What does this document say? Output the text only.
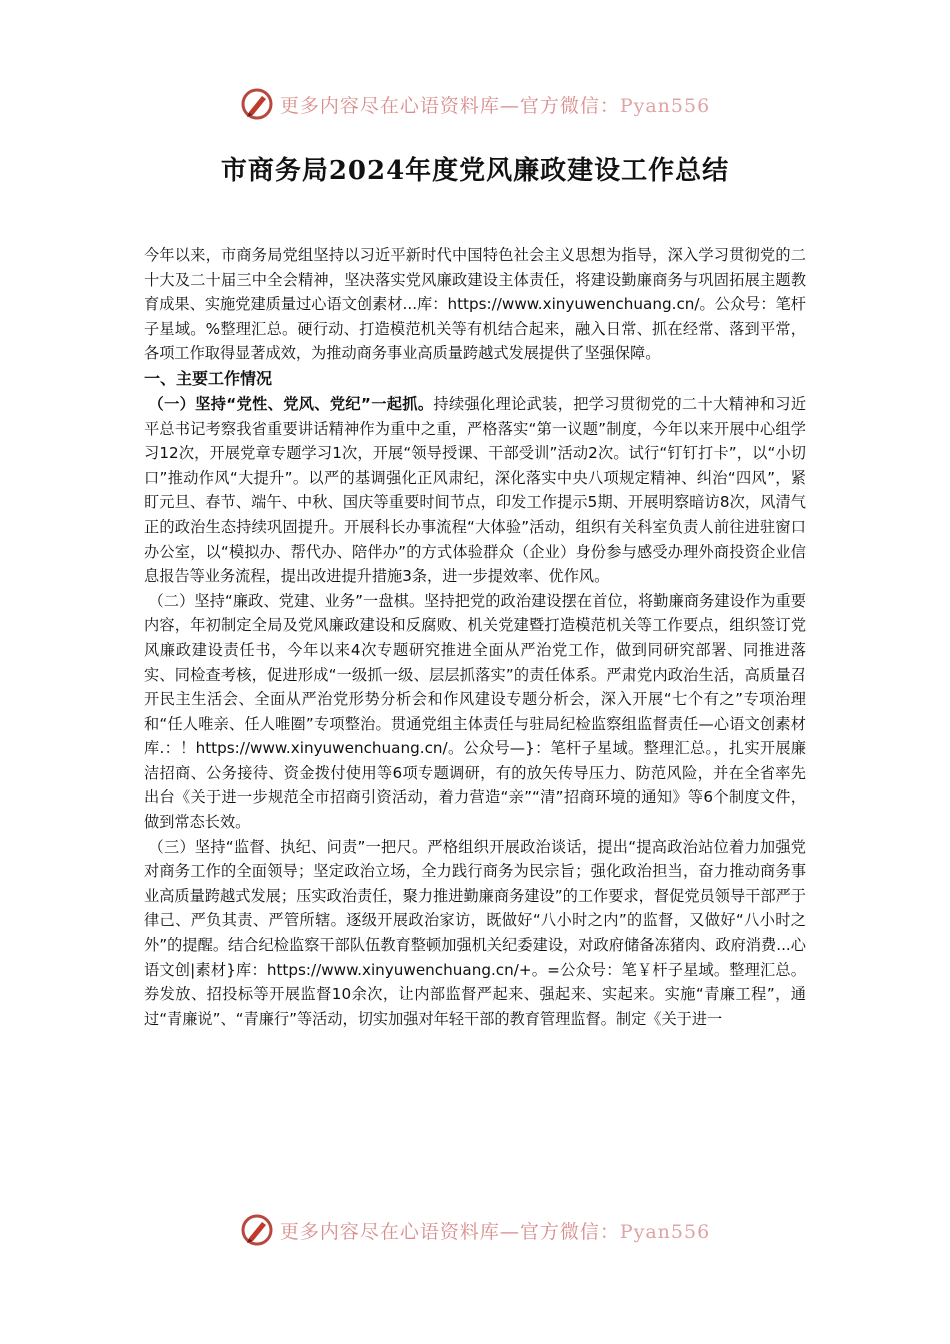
更多内容尽在心语资料库—官方微信：Pyan556
市商务局2024年度党风廉政建设工作总结

今年以来，市商务局党组坚持以习近平新时代中国特色社会主义思想为指导，深入学习贯彻党的二十大及二十届三中全会精神，坚决落实党风廉政建设主体责任，将建设勤廉商务与巩固拓展主题教育成果、实施党建质量过心语文创素材...库：https://www.xinyuwenchuang.cn/。公众号：笔杆子星域。%整理汇总。硬行动、打造模范机关等有机结合起来，融入日常、抓在经常、落到平常，各项工作取得显著成效，为推动商务事业高质量跨越式发展提供了坚强保障。

一、主要工作情况

（一）坚持“党性、党风、党纪”一起抓。持续强化理论武装，把学习贯彻党的二十大精神和习近平总书记考察我省重要讲话精神作为重中之重，严格落实“第一议题”制度，今年以来开展中心组学习12次，开展党章专题学习1次，开展“领导授课、干部受训”活动2次。试行“钉钉打卡”，以“小切口”推动作风“大提升”。以严的基调强化正风肃纪，深化落实中央八项规定精神、纠治“四风”，紧盯元旦、春节、端午、中秋、国庆等重要时间节点，印发工作提示5期、开展明察暗访8次，风清气正的政治生态持续巩固提升。开展科长办事流程“大体验”活动，组织有关科室负责人前往进驻窗口办公室，以“模拟办、帮代办、陪伴办”的方式体验群众（企业）身份参与感受办理外商投资企业信息报告等业务流程，提出改进提升措施3条，进一步提效率、优作风。

（二）坚持“廉政、党建、业务”一盘棋。坚持把党的政治建设摆在首位，将勤廉商务建设作为重要内容，年初制定全局及党风廉政建设和反腐败、机关党建暨打造模范机关等工作要点，组织签订党风廉政建设责任书，今年以来4次专题研究推进全面从严治党工作，做到同研究部署、同推进落实、同检查考核，促进形成“一级抓一级、层层抓落实”的责任体系。严肃党内政治生活，高质量召开民主生活会、全面从严治党形势分析会和作风建设专题分析会，深入开展“七个有之”专项治理和“任人唯亲、任人唯圈”专项整治。贯通党组主体责任与驻局纪检监察组监督责任—心语文创素材库.：！https://www.xinyuwenchuang.cn/。公众号—}：笔杆子星域。整理汇总。，扎实开展廉洁招商、公务接待、资金拨付使用等6项专题调研，有的放矢传导压力、防范风险，并在全省率先出台《关于进一步规范全市招商引资活动，着力营造“亲”“清”招商环境的通知》等6个制度文件，做到常态长效。

（三）坚持“监督、执纪、问责”一把尺。严格组织开展政治谈话，提出“提高政治站位着力加强党对商务工作的全面领导；坚定政治立场，全力践行商务为民宗旨；强化政治担当，奋力推动商务事业高质量跨越式发展；压实政治责任，聚力推进勤廉商务建设”的工作要求，督促党员领导干部严于律己、严负其责、严管所辖。逐级开展政治家访，既做好“八小时之内”的监督，又做好“八小时之外”的提醒。结合纪检监察干部队伍教育整顿加强机关纪委建设，对政府储备冻猪肉、政府消费...心语文创|素材}库：https://www.xinyuwenchuang.cn/+。=公众号：笔￥杆子星域。整理汇总。券发放、招投标等开展监督10余次，让内部监督严起来、强起来、实起来。实施“青廉工程”，通过“青廉说”、“青廉行”等活动，切实加强对年轻干部的教育管理监督。制定《关于进一

更多内容尽在心语资料库—官方微信：Pyan556
